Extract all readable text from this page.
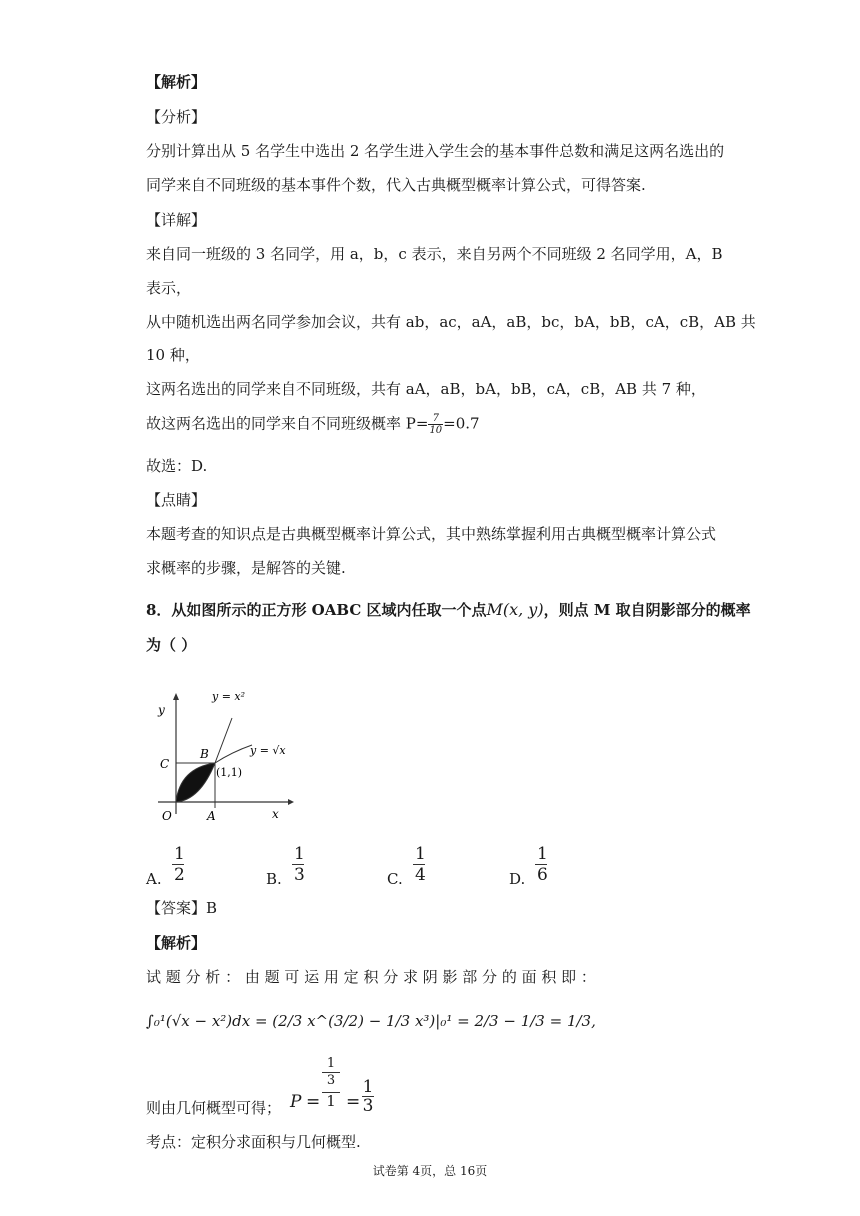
【解析】
【分析】
分别计算出从 5 名学生中选出 2 名学生进入学生会的基本事件总数和满足这两名选出的
同学来自不同班级的基本事件个数，代入古典概型概率计算公式，可得答案.
【详解】
来自同一班级的 3 名同学，用 a，b，c 表示，来自另两个不同班级 2 名同学用，A，B
表示，
从中随机选出两名同学参加会议，共有 ab，ac，aA，aB，bc，bA，bB，cA，cB，AB 共
10 种，
这两名选出的同学来自不同班级，共有 aA，aB，bA，bB，cA，cB，AB 共 7 种，
故这两名选出的同学来自不同班级概率 $P= \frac{7}{10} =0.7$
故选：D.
【点睛】
本题考查的知识点是古典概型概率计算公式，其中熟练掌握利用古典概型概率计算公式
求概率的步骤，是解答的关键.
8．从如图所示的正方形 OABC 区域内任取一个点M(x, y)，则点 M 取自阴影部分的概率
为（ ）
y = x²
y = √x
y
x
C
B
(1,1)
O	A
A. $\frac{1}{2}$	B. $\frac{1}{3}$	C. $\frac{1}{4}$	D. $\frac{1}{6}$
【答案】B
【解析】
试 题 分 析 ： 由 题 可 运 用 定 积 分 求 阴 影 部 分 的 面 积 即 ：
∫₀¹(√x − x²)dx = (2/3 x^(3/2) − 1/3 x³)|₀¹ = 2/3 − 1/3 = 1/3,
则由几何概型可得； P =
1
3
1 =
1
3
考点：定积分求面积与几何概型.
试卷第 4页，总 16页
